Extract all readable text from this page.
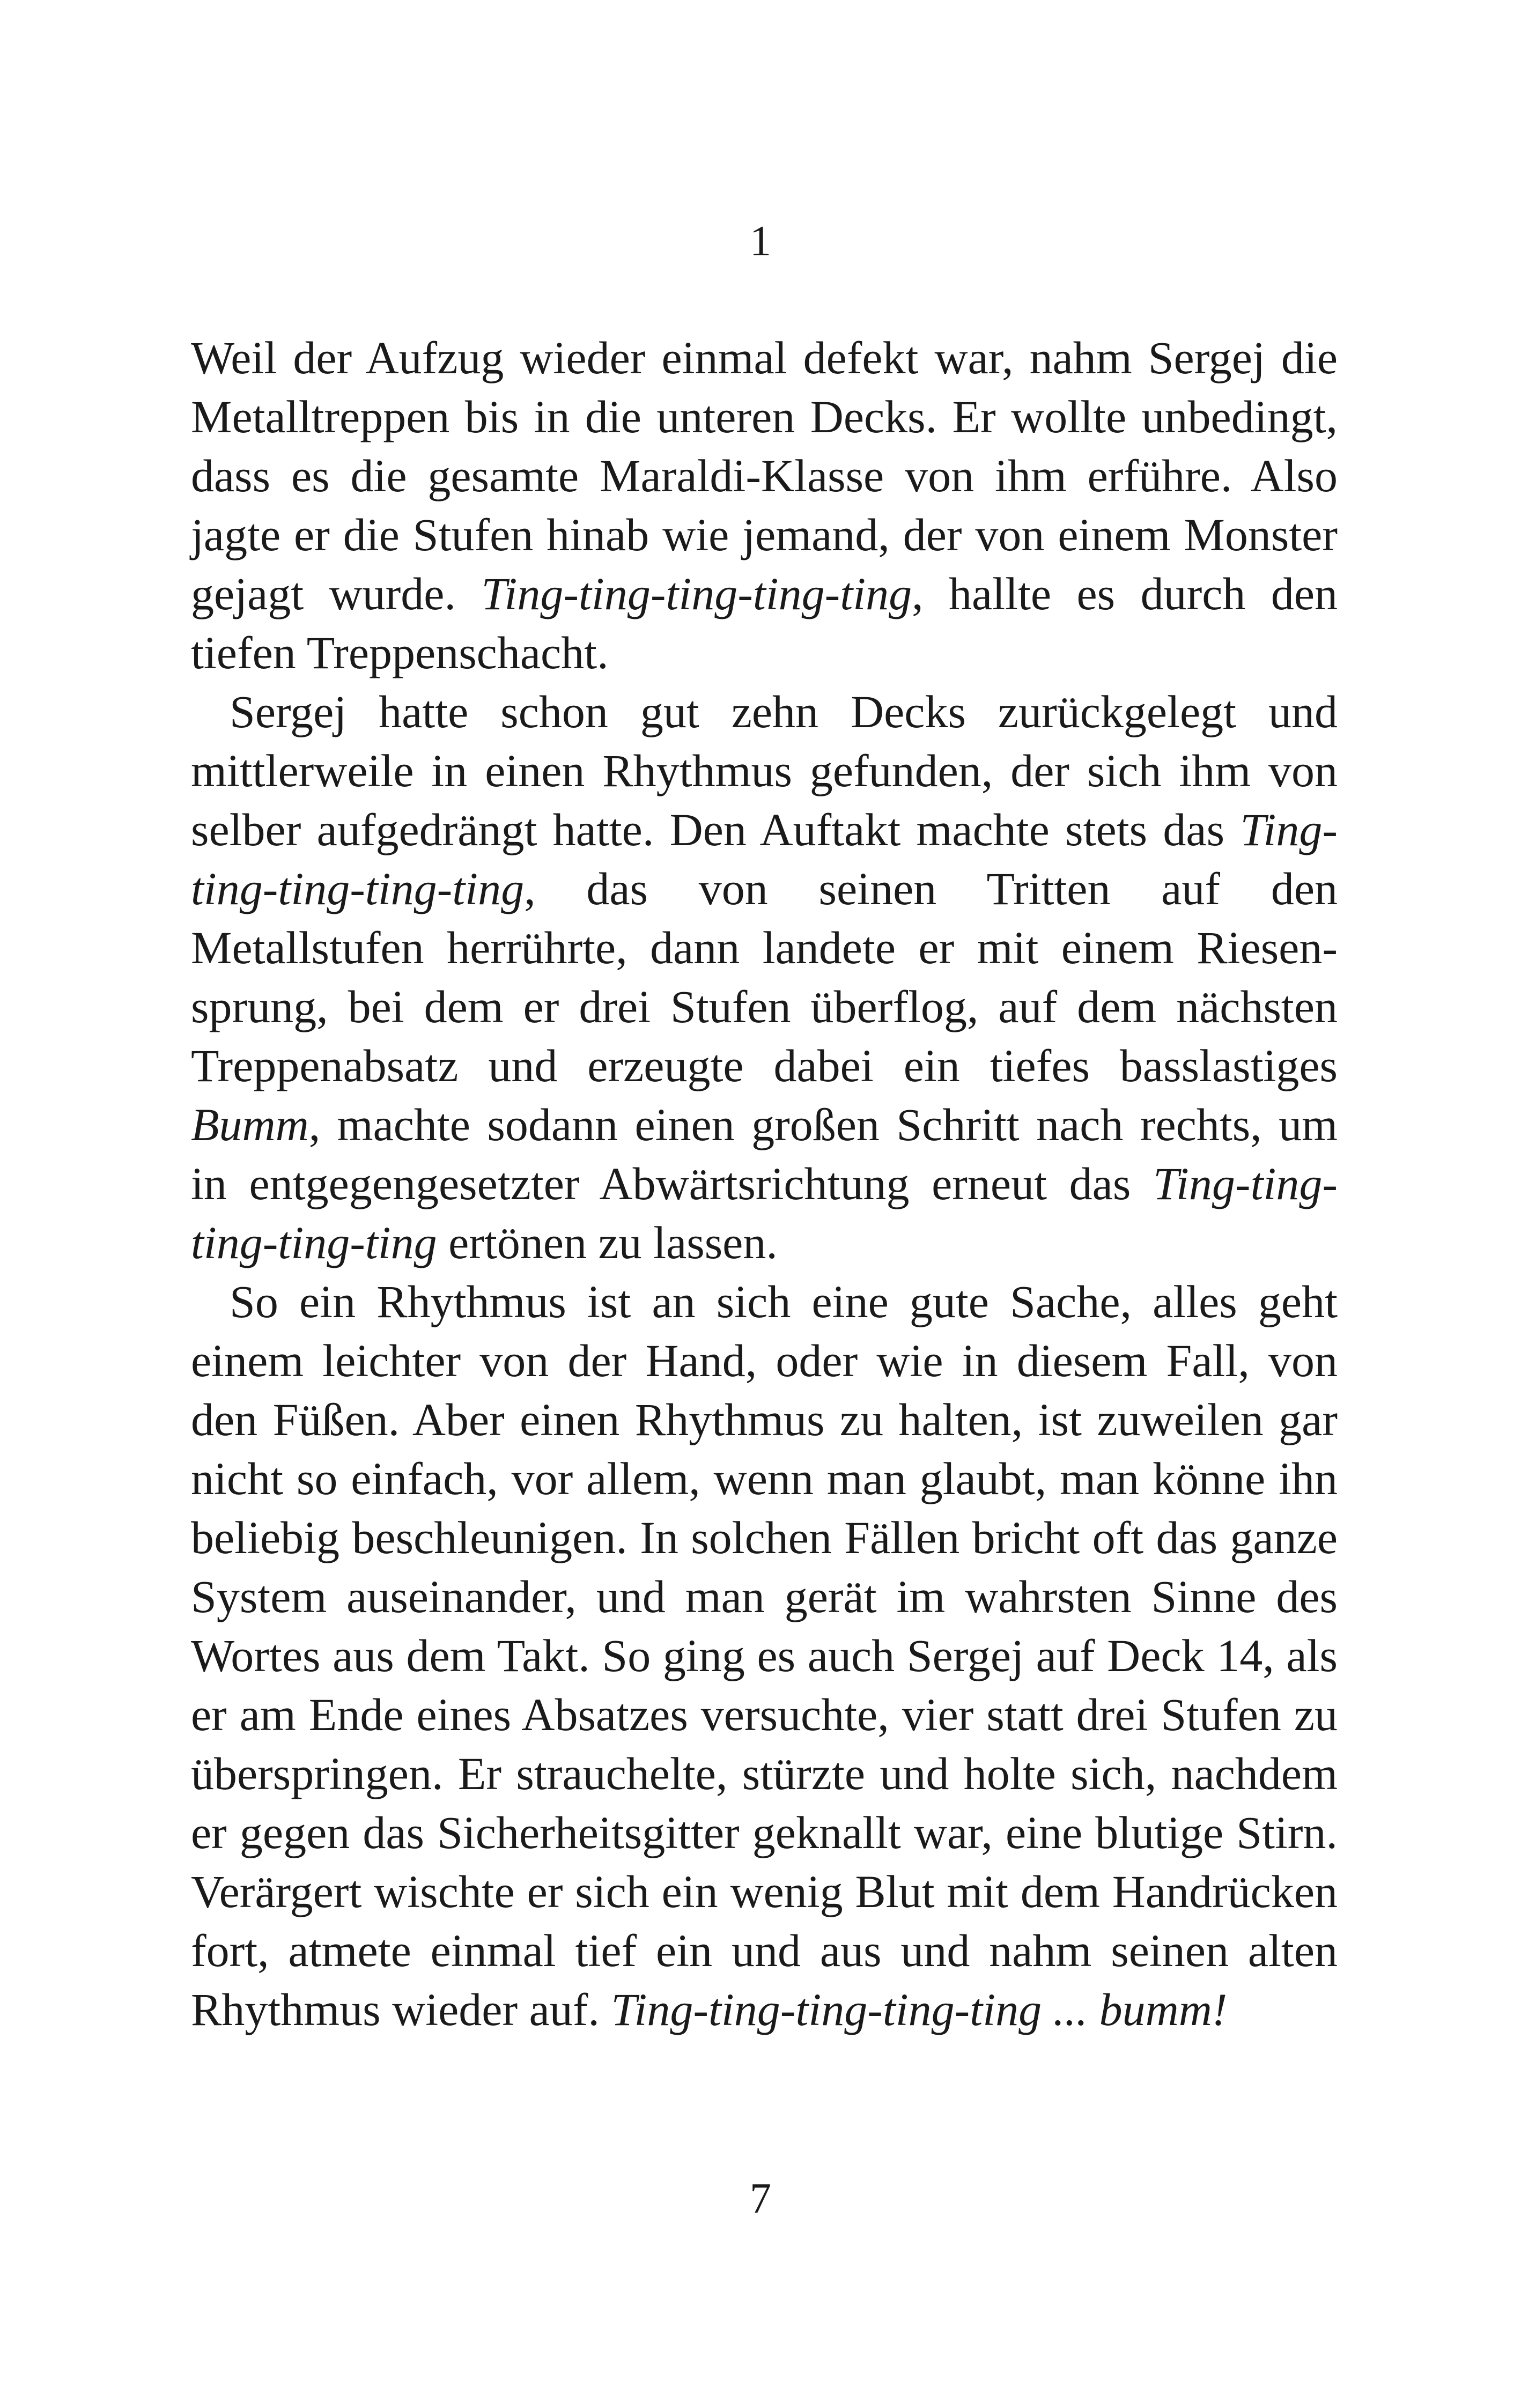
1

Weil der Aufzug wieder einmal defekt war, nahm Sergej die Metalltreppen bis in die unteren Decks. Er wollte unbedingt, dass es die gesamte Maraldi-Klasse von ihm erführe. Also jagte er die Stufen hinab wie jemand, der von einem Monster gejagt wurde. Ting-ting-ting-ting-ting, hallte es durch den tiefen Treppenschacht.

Sergej hatte schon gut zehn Decks zurückgelegt und mittlerweile in einen Rhythmus gefunden, der sich ihm von selber aufgedrängt hatte. Den Auftakt machte stets das Ting-ting-ting-ting-ting, das von seinen Tritten auf den Metallstufen herrührte, dann landete er mit einem Riesensprung, bei dem er drei Stufen überflog, auf dem nächsten Treppenabsatz und erzeugte dabei ein tiefes basslastiges Bumm, machte sodann einen großen Schritt nach rechts, um in entgegengesetzter Abwärtsrichtung erneut das Ting-​ting-ting-ting-ting ertönen zu lassen.

So ein Rhythmus ist an sich eine gute Sache, alles geht einem leichter von der Hand, oder wie in diesem Fall, von den Füßen. Aber einen Rhythmus zu halten, ist zuweilen gar nicht so einfach, vor allem, wenn man glaubt, man könne ihn beliebig beschleunigen. In solchen Fällen bricht oft das ganze System auseinander, und man gerät im wahrsten Sinne des Wortes aus dem Takt. So ging es auch Sergej auf Deck 14, als er am Ende eines Absatzes versuchte, vier statt drei Stufen zu überspringen. Er strauchelte, stürzte und holte sich, nachdem er gegen das Sicherheitsgitter geknallt war, eine blutige Stirn. Verärgert wischte er sich ein wenig Blut mit dem Handrücken fort, atmete einmal tief ein und aus und nahm seinen alten Rhythmus wieder auf. Ting-ting-ting-ting-ting ... bumm!

7
